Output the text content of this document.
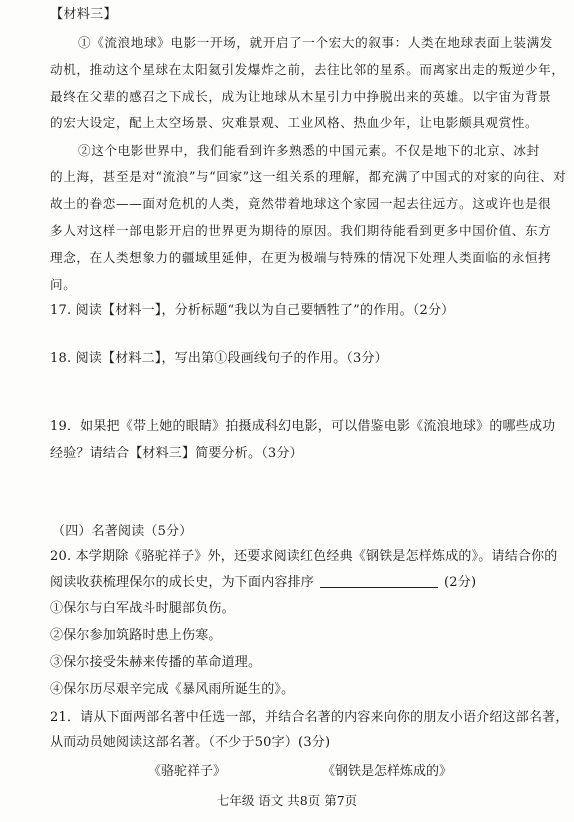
【材料三】
①《流浪地球》电影一开场，就开启了一个宏大的叙事：人类在地球表面上装满发
动机，推动这个星球在太阳氦引发爆炸之前，去往比邻的星系。而离家出走的叛逆少年，
最终在父辈的感召之下成长，成为让地球从木星引力中挣脱出来的英雄。以宇宙为背景
的宏大设定，配上太空场景、灾难景观、工业风格、热血少年，让电影颇具观赏性。
②这个电影世界中，我们能看到许多熟悉的中国元素。不仅是地下的北京、冰封
的上海，甚至是对“流浪”与“回家”这一组关系的理解，都充满了中国式的对家的向往、对
故土的眷恋——面对危机的人类，竟然带着地球这个家园一起去往远方。这或许也是很
多人对这样一部电影开启的世界更为期待的原因。我们期待能看到更多中国价值、东方
理念，在人类想象力的疆域里延伸，在更为极端与特殊的情况下处理人类面临的永恒拷
问。
17. 阅读【材料一】，分析标题“我以为自己要牺牲了”的作用。（2分）
18. 阅读【材料二】，写出第①段画线句子的作用。（3分）
19．如果把《带上她的眼睛》拍摄成科幻电影，可以借鉴电影《流浪地球》的哪些成功
经验？请结合【材料三】简要分析。（3分）
（四）名著阅读（5分）
20. 本学期除《骆驼祥子》外，还要求阅读红色经典《钢铁是怎样炼成的》。请结合你的
阅读收获梳理保尔的成长史，为下面内容排序	(2分)
①保尔与白军战斗时腿部负伤。
②保尔参加筑路时患上伤寒。
③保尔接受朱赫来传播的革命道理。
④保尔历尽艰辛完成《暴风雨所诞生的》。
21．请从下面两部名著中任选一部，并结合名著的内容来向你的朋友小语介绍这部名著，
从而动员她阅读这部名著。（不少于50字）(3分)
《骆驼祥子》	《钢铁是怎样炼成的》
七年级 语文 共8页 第7页
